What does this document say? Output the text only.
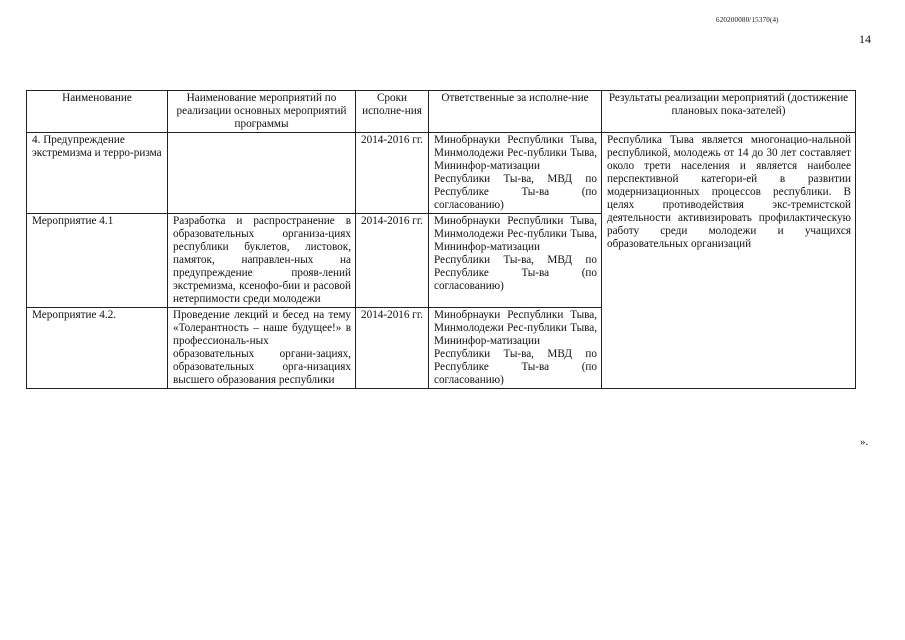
620200080/15370(4)
14
Наименование	Наименование мероприятий по реализации основных мероприятий программы	Сроки исполне-ния	Ответственные за исполне-ние	Результаты реализации мероприятий (достижение плановых пока-зателей)
4. Предупреждение экстремизма и терро-ризма		2014-2016 гг.	Минобрнауки Республики Тыва, Минмолодежи Рес-публики Тыва, Мининфор-матизации Республики Ты-ва, МВД по Республике Ты-ва (по согласованию)	Республика Тыва является многонацио-нальной республикой, молодежь от 14 до 30 лет составляет около трети населения и является наиболее перспективной категори-ей в развитии модернизационных процессов республики. В целях противодействия экс-тремистской деятельности активизировать профилактическую работу среди молодежи и учащихся образовательных организаций
Мероприятие 4.1	Разработка и распространение в образовательных организа-циях республики буклетов, листовок, памяток, направлен-ных на предупреждение прояв-лений экстремизма, ксенофо-бии и расовой нетерпимости среди молодежи	2014-2016 гг.	Минобрнауки Республики Тыва, Минмолодежи Рес-публики Тыва, Мининфор-матизации Республики Ты-ва, МВД по Республике Ты-ва (по согласованию)	
Мероприятие 4.2.	Проведение лекций и бесед на тему «Толерантность – наше будущее!» в профессиональ-ных образовательных органи-зациях, образовательных орга-низациях высшего образования республики	2014-2016 гг.	Минобрнауки Республики Тыва, Минмолодежи Рес-публики Тыва, Мининфор-матизации Республики Ты-ва, МВД по Республике Ты-ва (по согласованию)	
».
